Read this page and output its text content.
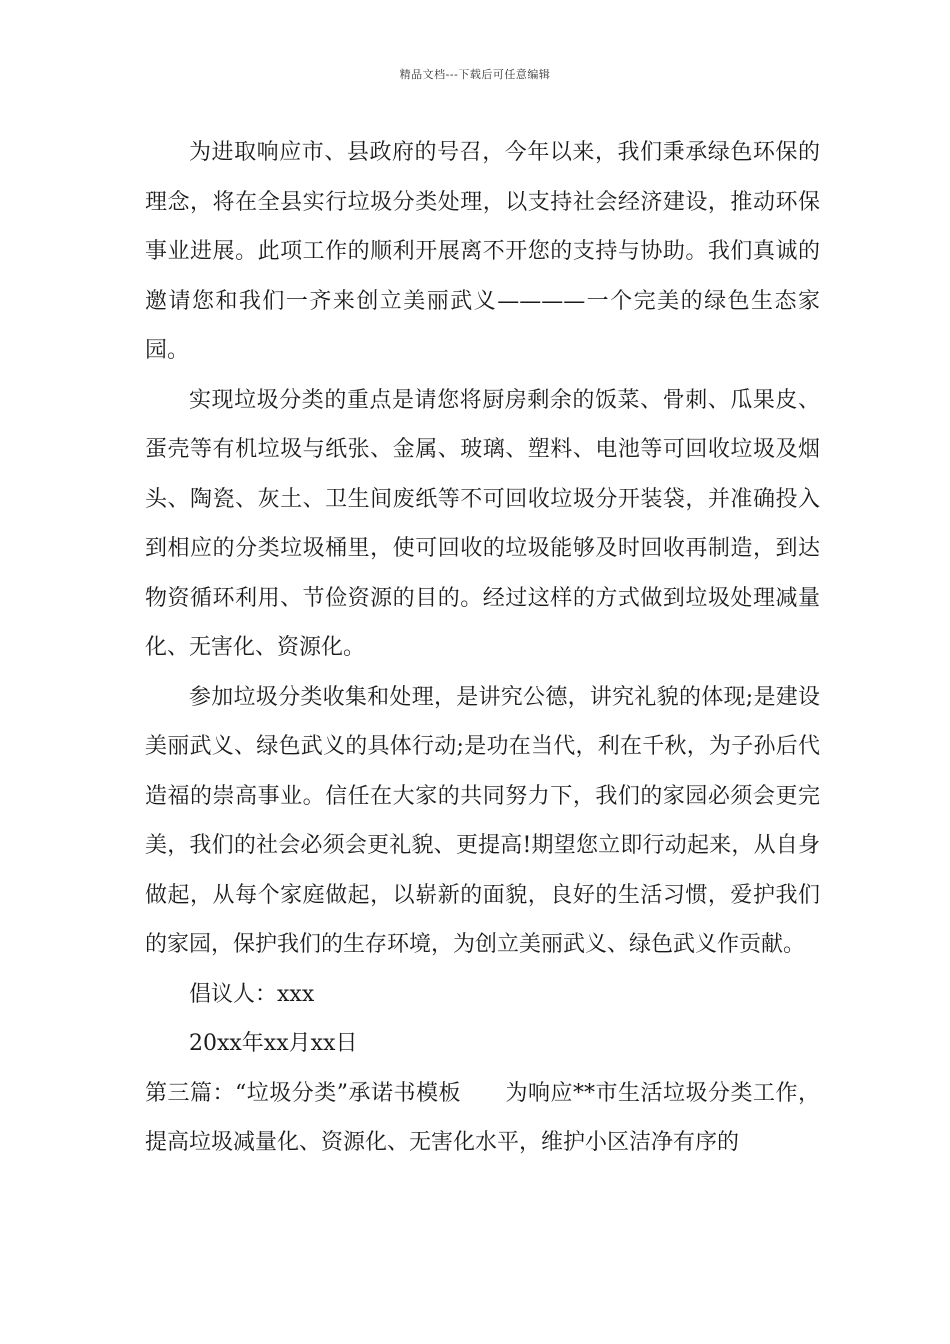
精品文档---下载后可任意编辑

为进取响应市、县政府的号召，今年以来，我们秉承绿色环保的理念，将在全县实行垃圾分类处理，以支持社会经济建设，推动环保事业进展。此项工作的顺利开展离不开您的支持与协助。我们真诚的邀请您和我们一齐来创立美丽武义————一个完美的绿色生态家园。

实现垃圾分类的重点是请您将厨房剩余的饭菜、骨刺、瓜果皮、蛋壳等有机垃圾与纸张、金属、玻璃、塑料、电池等可回收垃圾及烟头、陶瓷、灰土、卫生间废纸等不可回收垃圾分开装袋，并准确投入到相应的分类垃圾桶里，使可回收的垃圾能够及时回收再制造，到达物资循环利用、节俭资源的目的。经过这样的方式做到垃圾处理减量化、无害化、资源化。

参加垃圾分类收集和处理，是讲究公德，讲究礼貌的体现;是建设美丽武义、绿色武义的具体行动;是功在当代，利在千秋，为子孙后代造福的崇高事业。信任在大家的共同努力下，我们的家园必须会更完美，我们的社会必须会更礼貌、更提高!期望您立即行动起来，从自身做起，从每个家庭做起，以崭新的面貌，良好的生活习惯，爱护我们的家园，保护我们的生存环境，为创立美丽武义、绿色武义作贡献。

倡议人：xxx

20xx年xx月xx日

第三篇：“垃圾分类”承诺书模板 为响应**市生活垃圾分类工作，提高垃圾减量化、资源化、无害化水平，维护小区洁净有序的
